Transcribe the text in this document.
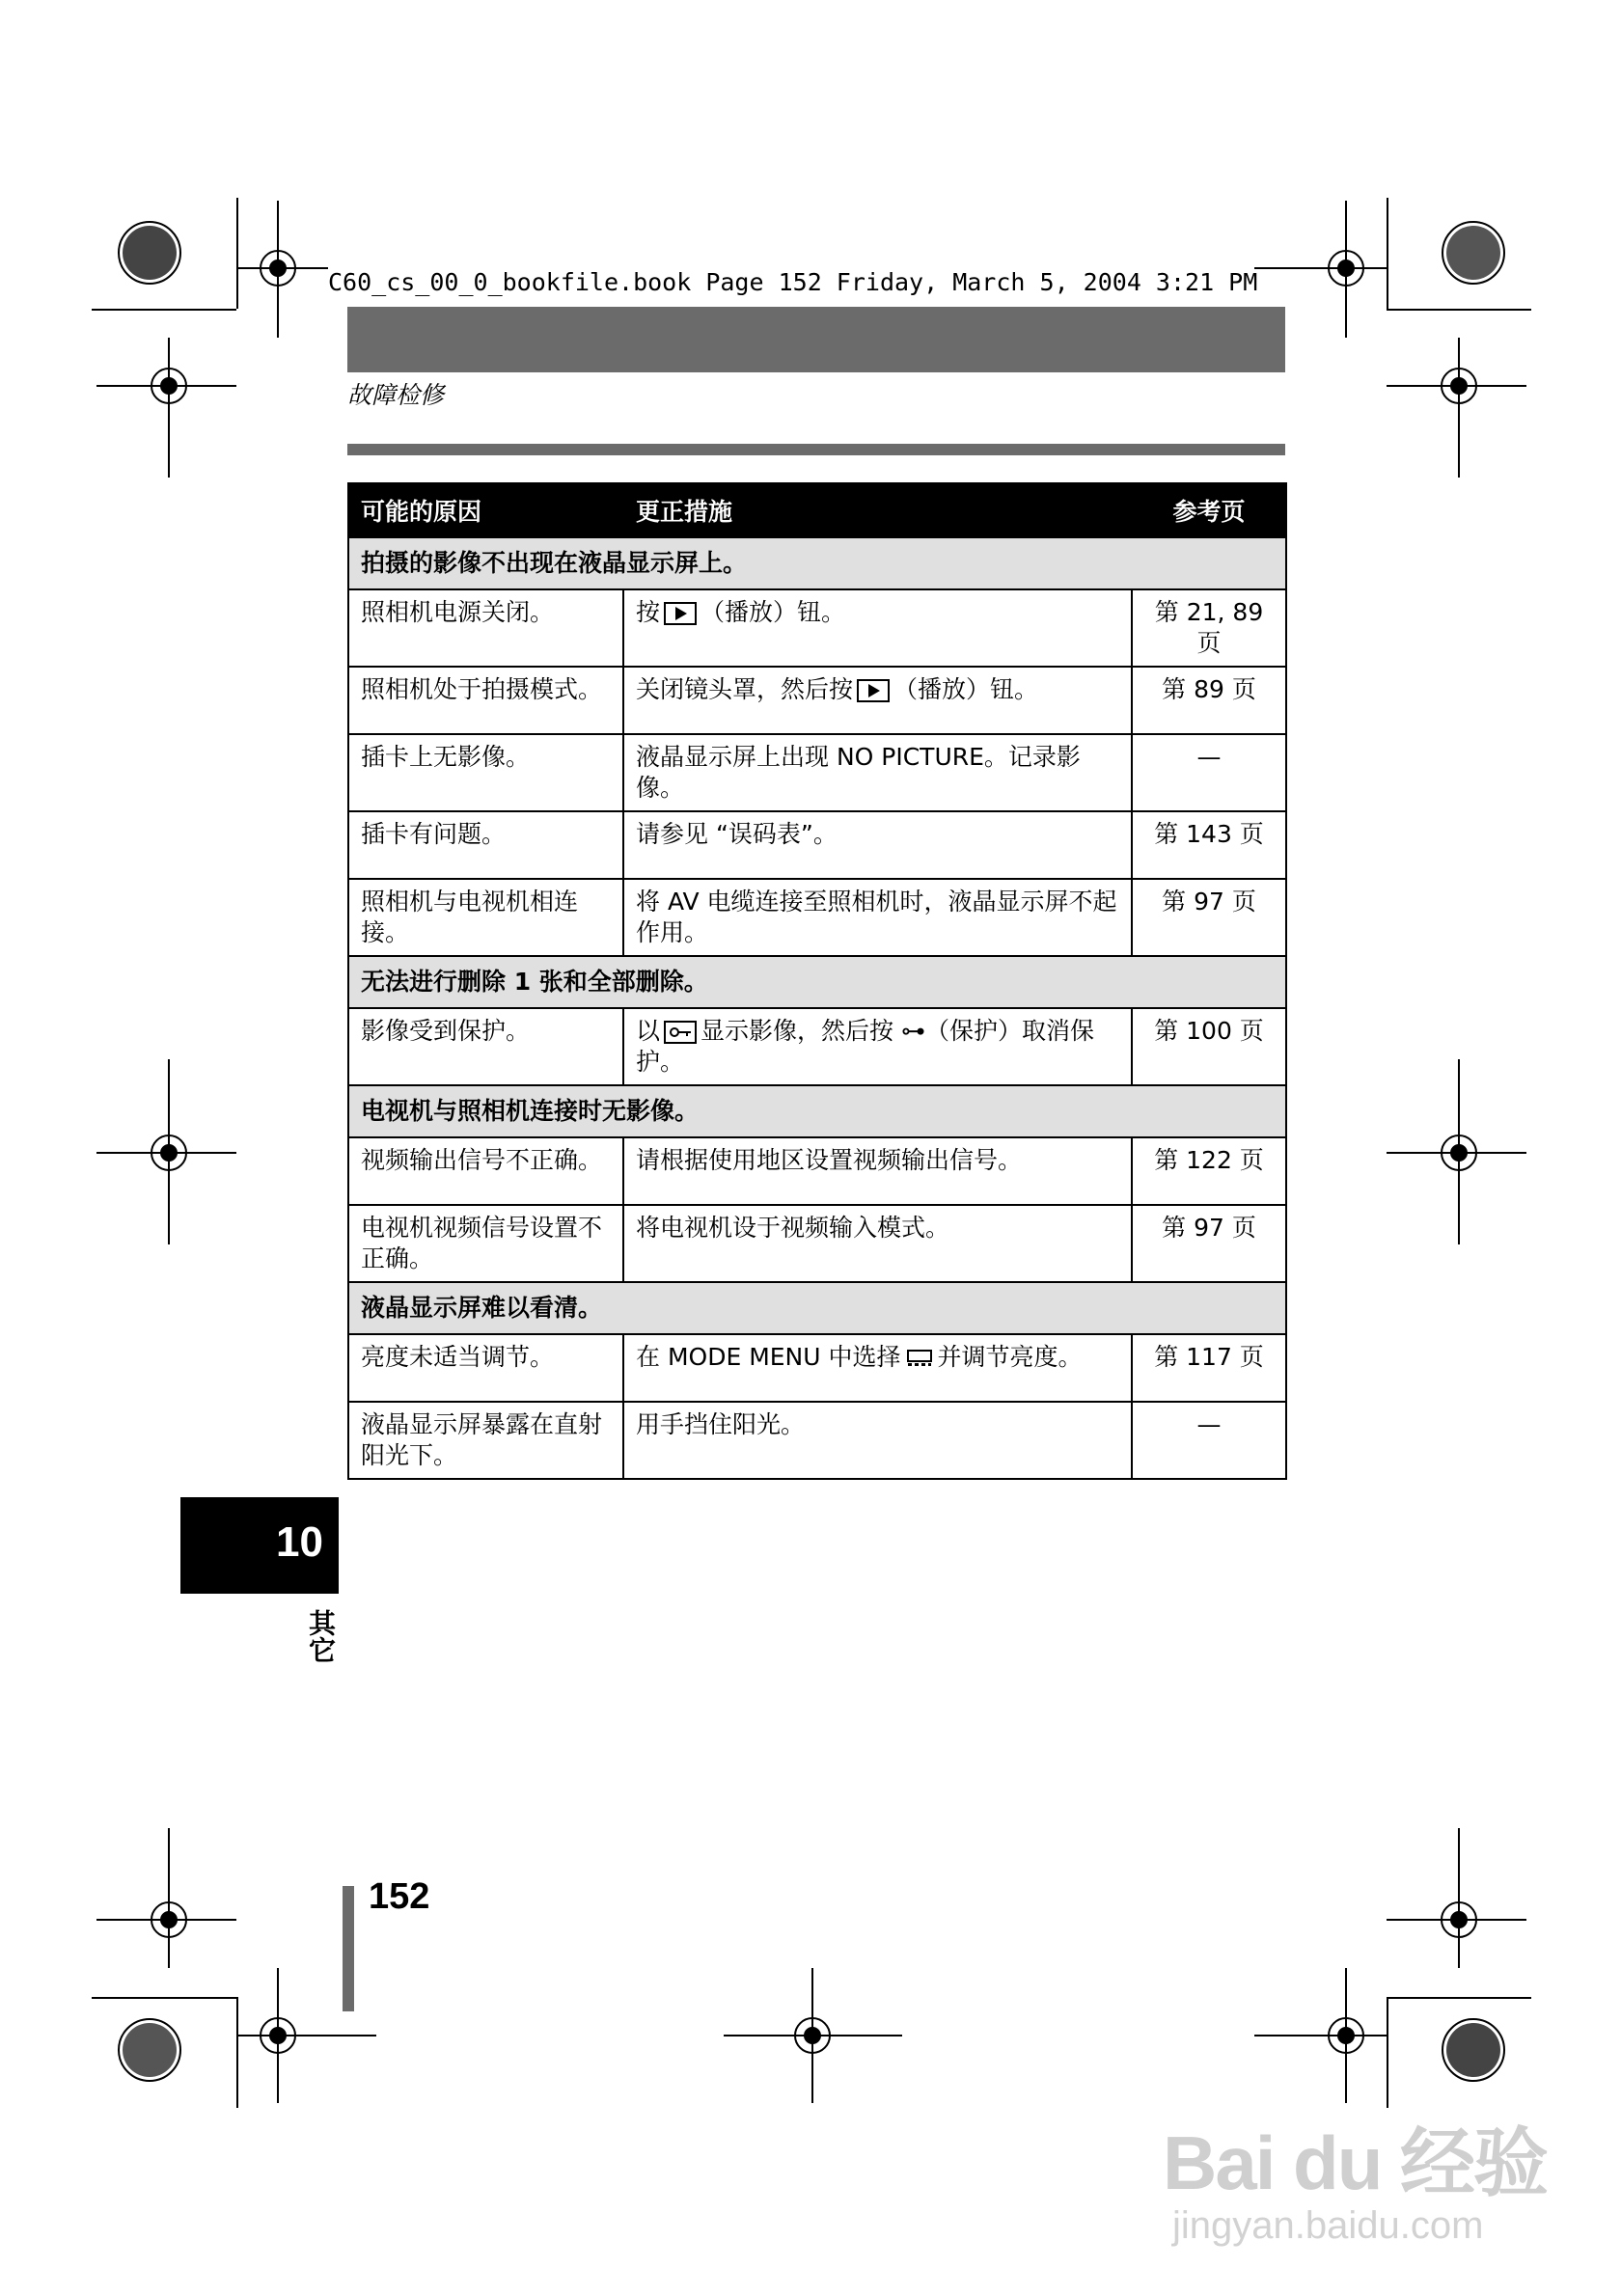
C60_cs_00_0_bookfile.book Page 152 Friday, March 5, 2004 3:21 PM
故障检修
可能的原因	更正措施	参考页
拍摄的影像不出现在液晶显示屏上。		
照相机电源关闭。	按 （播放）钮。	第 21, 89 页
照相机处于拍摄模式。	关闭镜头罩，然后按 （播放）钮。	第 89 页
插卡上无影像。	液晶显示屏上出现 NO PICTURE。记录影像。	—
插卡有问题。	请参见 “误码表”。	第 143 页
照相机与电视机相连接。	将 AV 电缆连接至照相机时，液晶显示屏不起作用。	第 97 页
无法进行删除 1 张和全部删除。		
影像受到保护。	以 显示影像，然后按 ⊶（保护）取消保护。	第 100 页
电视机与照相机连接时无影像。		
视频输出信号不正确。	请根据使用地区设置视频输出信号。	第 122 页
电视机视频信号设置不正确。	将电视机设于视频输入模式。	第 97 页
液晶显示屏难以看清。		
亮度未适当调节。	在 MODE MENU 中选择 并调节亮度。	第 117 页
液晶显示屏暴露在直射阳光下。	用手挡住阳光。	—
10
其它
152
Bai du 经验
jingyan.baidu.com
